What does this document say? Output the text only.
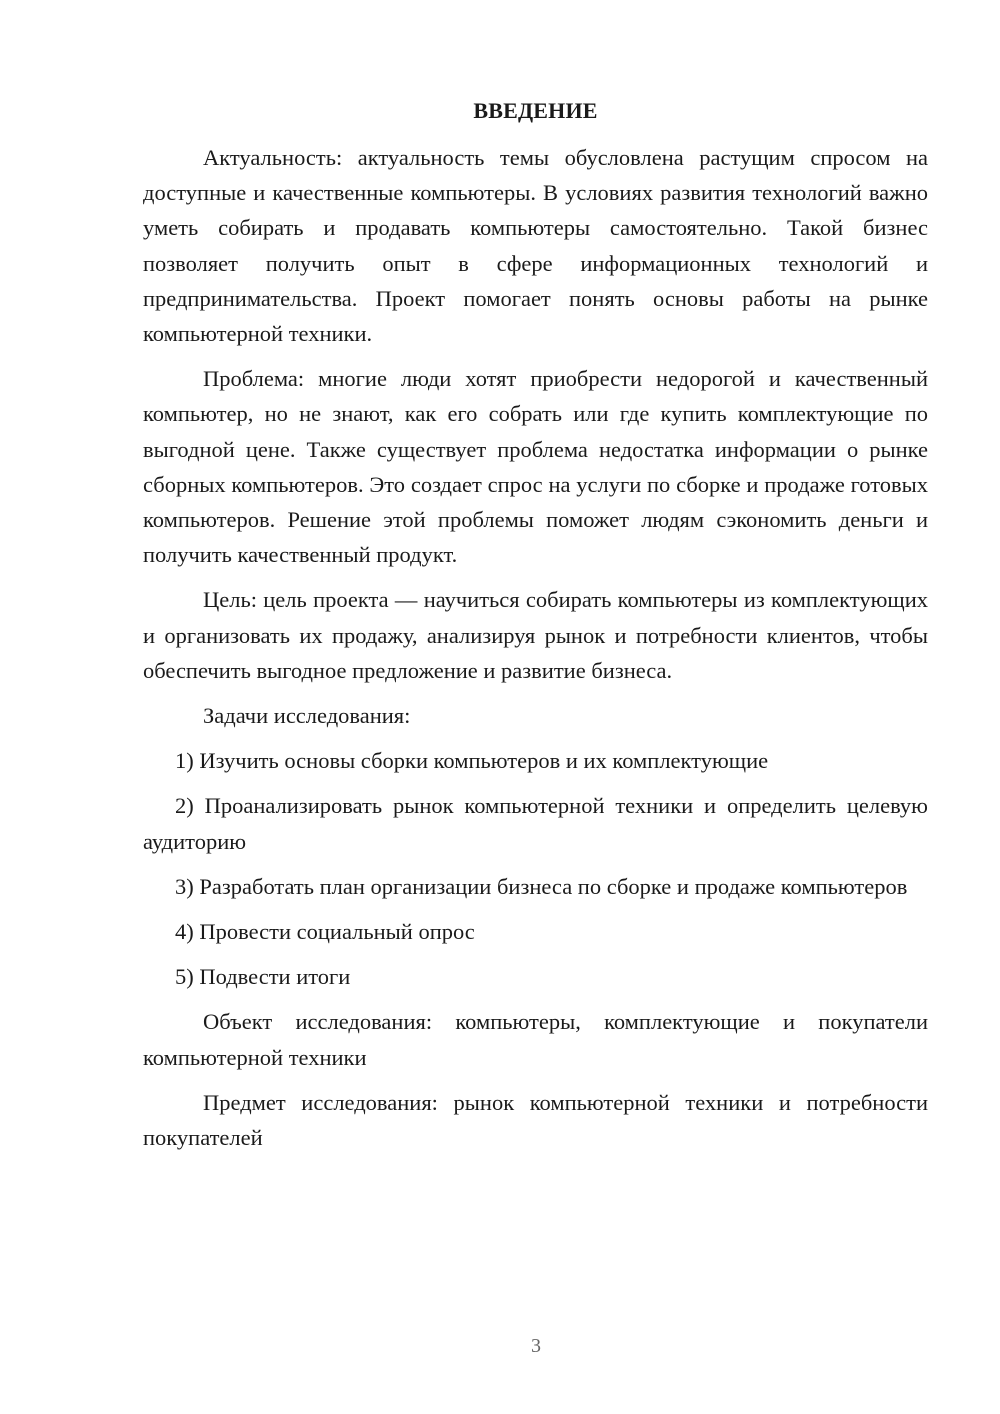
ВВЕДЕНИЕ

Актуальность: актуальность темы обусловлена растущим спросом на доступные и качественные компьютеры. В условиях развития технологий важно уметь собирать и продавать компьютеры самостоятельно. Такой бизнес позволяет получить опыт в сфере информационных технологий и предпринимательства. Проект помогает понять основы работы на рынке компьютерной техники.

Проблема: многие люди хотят приобрести недорогой и качественный компьютер, но не знают, как его собрать или где купить комплектующие по выгодной цене. Также существует проблема недостатка информации о рынке сборных компьютеров. Это создает спрос на услуги по сборке и продаже готовых компьютеров. Решение этой проблемы поможет людям сэкономить деньги и получить качественный продукт.

Цель: цель проекта — научиться собирать компьютеры из комплектующих и организовать их продажу, анализируя рынок и потребности клиентов, чтобы обеспечить выгодное предложение и развитие бизнеса.

Задачи исследования:

1) Изучить основы сборки компьютеров и их комплектующие

2) Проанализировать рынок компьютерной техники и определить целевую аудиторию

3) Разработать план организации бизнеса по сборке и продаже компьютеров

4) Провести социальный опрос

5) Подвести итоги

Объект исследования: компьютеры, комплектующие и покупатели компьютерной техники

Предмет исследования: рынок компьютерной техники и потребности покупателей

3
